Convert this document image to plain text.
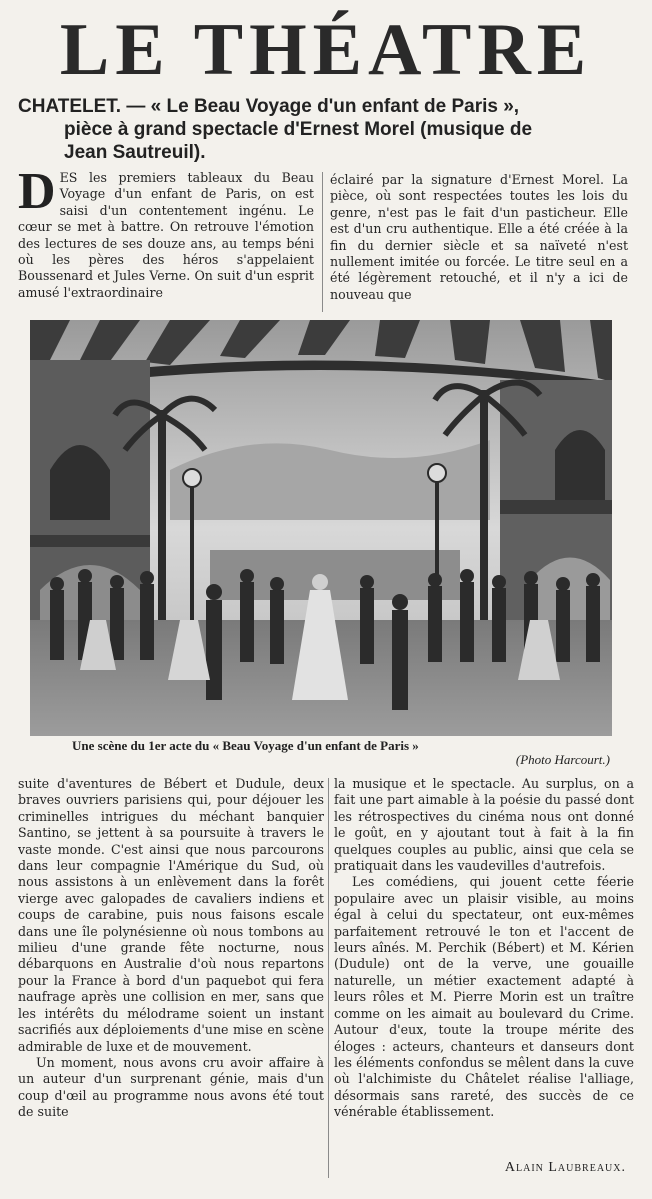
LE THÉATRE
CHATELET. — « Le Beau Voyage d'un enfant de Paris »,
pièce à grand spectacle d'Ernest Morel (musique de
Jean Sautreuil).

DES les premiers tableaux du Beau Voyage d'un enfant de Paris, on est saisi d'un contentement ingénu. Le cœur se met à battre. On retrouve l'émotion des lectures de ses douze ans, au temps béni où les pères des héros s'appelaient Boussenard et Jules Verne. On suit d'un esprit amusé l'extraordinaire

éclairé par la signature d'Ernest Morel. La pièce, où sont respectées toutes les lois du genre, n'est pas le fait d'un pasticheur. Elle est d'un cru authentique. Elle a été créée à la fin du dernier siècle et sa naïveté n'est nullement imitée ou forcée. Le titre seul en a été légèrement retouché, et il n'y a ici de nouveau que

Une scène du 1er acte du « Beau Voyage d'un enfant de Paris »
(Photo Harcourt.)

suite d'aventures de Bébert et Dudule, deux braves ouvriers parisiens qui, pour déjouer les criminelles intrigues du méchant banquier Santino, se jettent à sa poursuite à travers le vaste monde. C'est ainsi que nous parcourons dans leur compagnie l'Amérique du Sud, où nous assistons à un enlèvement dans la forêt vierge avec galopades de cavaliers indiens et coups de carabine, puis nous faisons escale dans une île polynésienne où nous tombons au milieu d'une grande fête nocturne, nous débarquons en Australie d'où nous repartons pour la France à bord d'un paquebot qui fera naufrage après une collision en mer, sans que les intérêts du mélodrame soient un instant sacrifiés aux déploiements d'une mise en scène admirable de luxe et de mouvement.

Un moment, nous avons cru avoir affaire à un auteur d'un surprenant génie, mais d'un coup d'œil au programme nous avons été tout de suite

la musique et le spectacle. Au surplus, on a fait une part aimable à la poésie du passé dont les rétrospectives du cinéma nous ont donné le goût, en y ajoutant tout à fait à la fin quelques couples au public, ainsi que cela se pratiquait dans les vaudevilles d'autrefois.

Les comédiens, qui jouent cette féerie populaire avec un plaisir visible, au moins égal à celui du spectateur, ont eux-mêmes parfaitement retrouvé le ton et l'accent de leurs aînés. M. Perchik (Bébert) et M. Kérien (Dudule) ont de la verve, une gouaille naturelle, un métier exactement adapté à leurs rôles et M. Pierre Morin est un traître comme on les aimait au boulevard du Crime. Autour d'eux, toute la troupe mérite des éloges : acteurs, chanteurs et danseurs dont les éléments confondus se mêlent dans la cuve où l'alchimiste du Châtelet réalise l'alliage, désormais sans rareté, des succès de ce vénérable établissement.

Alain Laubreaux.
